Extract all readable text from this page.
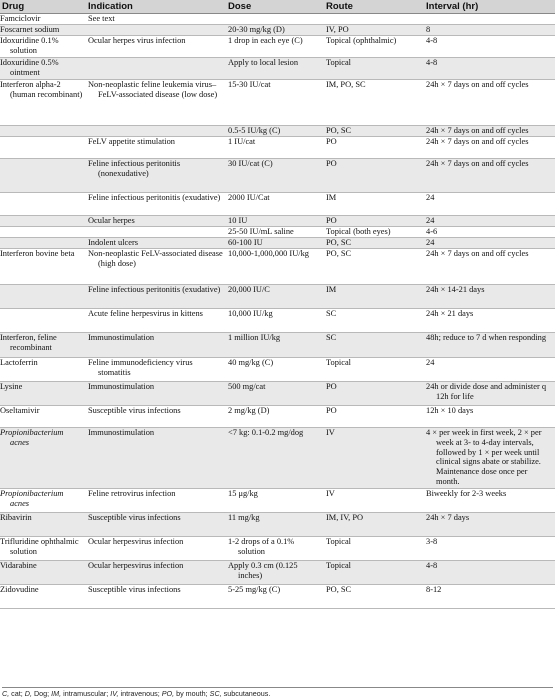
Drug	Indication	Dose	Route	Interval (hr)
Famciclovir	See text			
Foscarnet sodium		20-30 mg/kg (D)	IV, PO	8
Idoxuridine 0.1% solution	Ocular herpes virus infection	1 drop in each eye (C)	Topical (ophthalmic)	4-8
Idoxuridine 0.5% ointment		Apply to local lesion	Topical	4-8
Interferon alpha-2 (human recombinant)	Non-neoplastic feline leukemia virus–FeLV-associated disease (low dose)	15-30 IU/cat	IM, PO, SC	24h × 7 days on and off cycles
		0.5-5 IU/kg (C)	PO, SC	24h × 7 days on and off cycles
	FeLV appetite stimulation	1 IU/cat	PO	24h × 7 days on and off cycles
	Feline infectious peritonitis (nonexudative)	30 IU/cat (C)	PO	24h × 7 days on and off cycles
	Feline infectious peritonitis (exudative)	2000 IU/Cat	IM	24
	Ocular herpes	10 IU	PO	24
		25-50 IU/mL saline	Topical (both eyes)	4-6
	Indolent ulcers	60-100 IU	PO, SC	24
Interferon bovine beta	Non-neoplastic FeLV-associated disease (high dose)	10,000-1,000,000 IU/kg	PO, SC	24h × 7 days on and off cycles
	Feline infectious peritonitis (exudative)	20,000 IU/C	IM	24h × 14-21 days
	Acute feline herpesvirus in kittens	10,000 IU/kg	SC	24h × 21 days
Interferon, feline recombinant	Immunostimulation	1 million IU/kg	SC	48h; reduce to 7 d when responding
Lactoferrin	Feline immunodeficiency virus stomatitis	40 mg/kg (C)	Topical	24
Lysine	Immunostimulation	500 mg/cat	PO	24h or divide dose and administer q 12h for life
Oseltamivir	Susceptible virus infections	2 mg/kg (D)	PO	12h × 10 days
Propionibacterium acnes	Immunostimulation	<7 kg: 0.1-0.2 mg/dog	IV	4 × per week in first week, 2 × per week at 3- to 4-day intervals, followed by 1 × per week until clinical signs abate or stabilize. Maintenance dose once per month.
Propionibacterium acnes	Feline retrovirus infection	15 μg/kg	IV	Biweekly for 2-3 weeks
Ribavirin	Susceptible virus infections	11 mg/kg	IM, IV, PO	24h × 7 days
Trifluridine ophthalmic solution	Ocular herpesvirus infection	1-2 drops of a 0.1% solution	Topical	3-8
Vidarabine	Ocular herpesvirus infection	Apply 0.3 cm (0.125 inches)	Topical	4-8
Zidovudine	Susceptible virus infections	5-25 mg/kg (C)	PO, SC	8-12
C, cat; D, Dog; IM, intramuscular; IV, intravenous; PO, by mouth; SC, subcutaneous.
